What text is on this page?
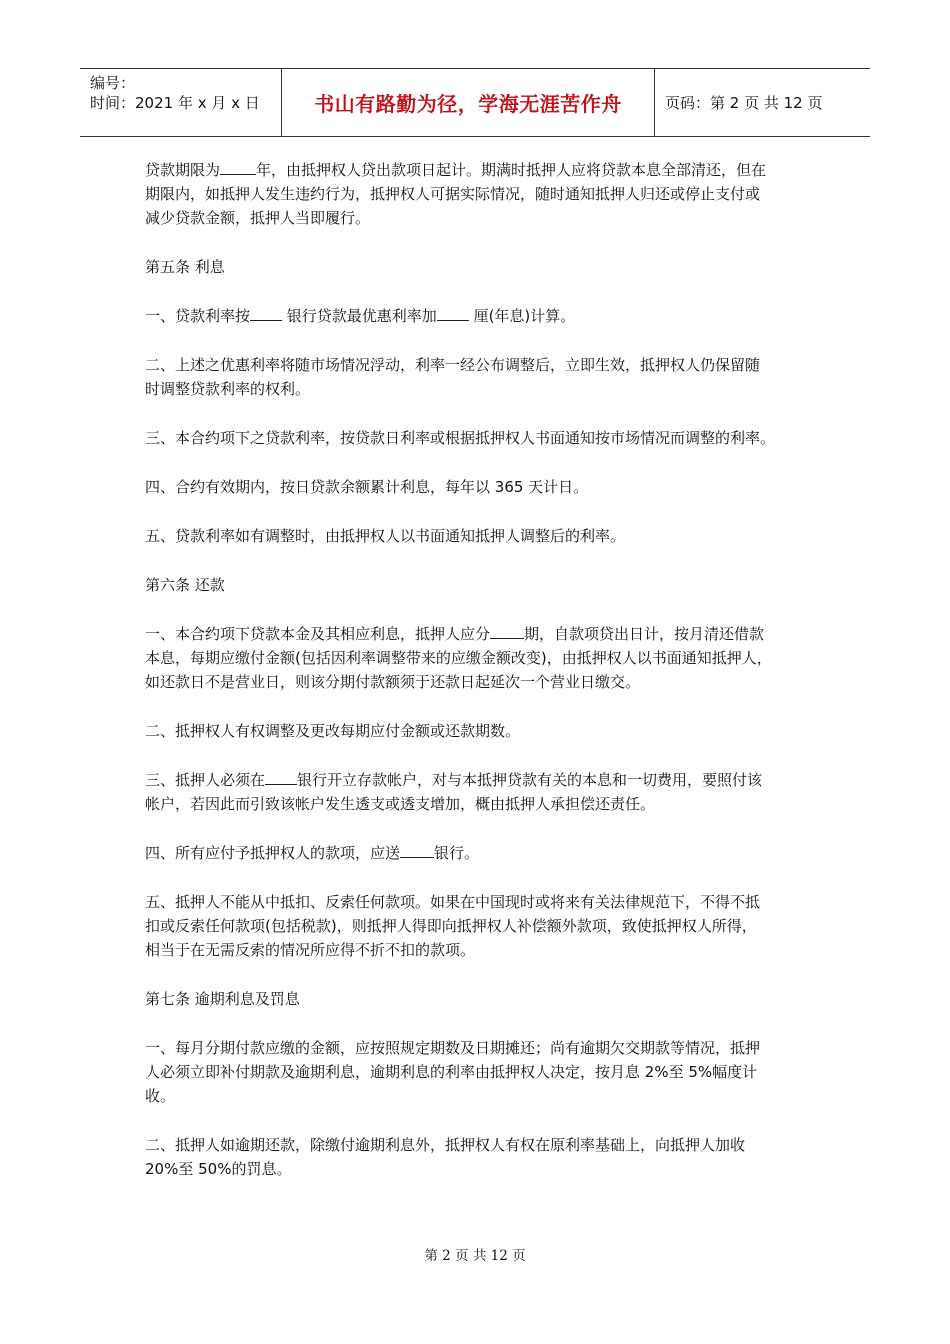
编号：
时间：2021 年 x 月 x 日	书山有路勤为径，学海无涯苦作舟	页码：第 2 页 共 12 页

贷款期限为 年，由抵押权人贷出款项日起计。期满时抵押人应将贷款本息全部清还，但在
期限内，如抵押人发生违约行为，抵押权人可据实际情况，随时通知抵押人归还或停止支付或
减少贷款金额，抵押人当即履行。

第五条 利息

一、贷款利率按 银行贷款最优惠利率加 厘(年息)计算。

二、上述之优惠利率将随市场情况浮动，利率一经公布调整后，立即生效，抵押权人仍保留随
时调整贷款利率的权利。

三、本合约项下之贷款利率，按贷款日利率或根据抵押权人书面通知按市场情况而调整的利率。

四、合约有效期内，按日贷款余额累计利息，每年以 365 天计日。

五、贷款利率如有调整时，由抵押权人以书面通知抵押人调整后的利率。

第六条 还款

一、本合约项下贷款本金及其相应利息，抵押人应分 期，自款项贷出日计，按月清还借款
本息，每期应缴付金额(包括因利率调整带来的应缴金额改变)，由抵押权人以书面通知抵押人，
如还款日不是营业日，则该分期付款额须于还款日起延次一个营业日缴交。

二、抵押权人有权调整及更改每期应付金额或还款期数。

三、抵押人必须在 银行开立存款帐户，对与本抵押贷款有关的本息和一切费用，要照付该
帐户，若因此而引致该帐户发生透支或透支增加，概由抵押人承担偿还责任。

四、所有应付予抵押权人的款项，应送 银行。

五、抵押人不能从中抵扣、反索任何款项。如果在中国现时或将来有关法律规范下，不得不抵
扣或反索任何款项(包括税款)，则抵押人得即向抵押权人补偿额外款项，致使抵押权人所得，
相当于在无需反索的情况所应得不折不扣的款项。

第七条 逾期利息及罚息

一、每月分期付款应缴的金额，应按照规定期数及日期摊还；尚有逾期欠交期款等情况，抵押
人必须立即补付期款及逾期利息，逾期利息的利率由抵押权人决定，按月息 2%至 5%幅度计
收。

二、抵押人如逾期还款，除缴付逾期利息外，抵押权人有权在原利率基础上，向抵押人加收
20%至 50%的罚息。

第 2 页 共 12 页
